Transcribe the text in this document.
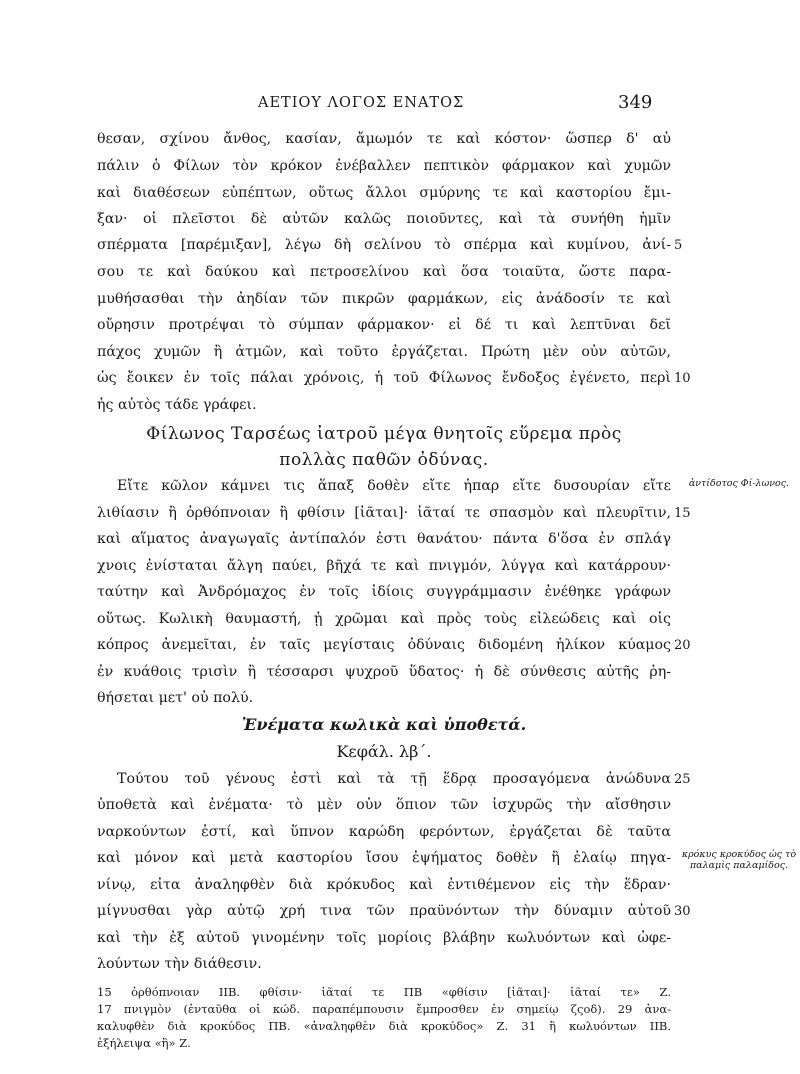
ΑΕΤΙΟΥ ΛΟΓΟΣ ΕΝΑΤΟΣ	349
θεσαν, σχίνου ἄνθος, κασίαν, ἄμωμόν τε καὶ κόστον· ὥσπερ δ' αὖ
πάλιν ὁ Φίλων τὸν κρόκον ἐνέβαλλεν πεπτικὸν φάρμακον καὶ χυμῶν
καὶ διαθέσεων εὐπέπτων, οὕτως ἄλλοι σμύρνης τε καὶ καστορίου ἔμι-
ξαν· οἱ πλεῖστοι δὲ αὐτῶν καλῶς ποιοῦντες, καὶ τὰ συνήθη ἡμῖν
σπέρματα [παρέμιξαν], λέγω δὴ σελίνου τὸ σπέρμα καὶ κυμίνου, ἀνί-
σου τε καὶ δαύκου καὶ πετροσελίνου καὶ ὅσα τοιαῦτα, ὥστε παρα-
μυθήσασθαι τὴν ἀηδίαν τῶν πικρῶν φαρμάκων, εἰς ἀνάδοσίν τε καὶ
οὔρησιν προτρέψαι τὸ σύμπαν φάρμακον· εἰ δέ τι καὶ λεπτῦναι δεῖ
πάχος χυμῶν ἢ ἀτμῶν, καὶ τοῦτο ἐργάζεται. Πρώτη μὲν οὖν αὐτῶν,
ὡς ἔοικεν ἐν τοῖς πάλαι χρόνοις, ἡ τοῦ Φίλωνος ἔνδοξος ἐγένετο, περὶ
ἧς αὐτὸς τάδε γράφει.
Φίλωνος Ταρσέως ἰατροῦ μέγα θνητοῖς εὕρεμα πρὸς
πολλὰς παθῶν ὀδύνας.
Εἴτε κῶλον κάμνει τις ἅπαξ δοθὲν εἴτε ἧπαρ εἴτε δυσουρίαν εἴτε
λιθίασιν ἢ ὀρθόπνοιαν ἢ φθίσιν [ἰᾶται]· ἰᾶταί τε σπασμὸν καὶ πλευρῖτιν,
καὶ αἵματος ἀναγωγαῖς ἀντίπαλόν ἐστι θανάτου· πάντα δ'ὅσα ἐν σπλάγ
χνοις ἐνίσταται ἄλγη παύει, βῆχά τε καὶ πνιγμόν, λύγγα καὶ κατάρρουν·
ταύτην καὶ Ἀνδρόμαχος ἐν τοῖς ἰδίοις συγγράμμασιν ἐνέθηκε γράφων
οὕτως. Κωλικὴ θαυμαστή, ᾗ χρῶμαι καὶ πρὸς τοὺς εἰλεώδεις καὶ οἷς
κόπρος ἀνεμεῖται, ἐν ταῖς μεγίσταις ὀδύναις διδομένη ἡλίκον κύαμος
ἐν κυάθοις τρισὶν ἢ τέσσαρσι ψυχροῦ ὕδατος· ἡ δὲ σύνθεσις αὐτῆς ῥη-
θήσεται μετ' οὐ πολύ.
Ἐνέματα κωλικὰ καὶ ὑποθετά.
Κεφάλ. λβ΄.
Τούτου τοῦ γένους ἐστὶ καὶ τὰ τῇ ἕδρᾳ προσαγόμενα ἀνώδυνα
ὑποθετὰ καὶ ἐνέματα· τὸ μὲν οὖν ὅπιον τῶν ἰσχυρῶς τὴν αἴσθησιν
ναρκούντων ἐστί, καὶ ὕπνον καρώδη φερόντων, ἐργάζεται δὲ ταῦτα
καὶ μόνον καὶ μετὰ καστορίου ἴσου ἐψήματος δοθὲν ἢ ἐλαίῳ πηγα-
νίνῳ, εἶτα ἀναληφθὲν διὰ κρόκυδος καὶ ἐντιθέμενον εἰς τὴν ἕδραν·
μίγνυσθαι γὰρ αὐτῷ χρή τινα τῶν πραϋνόντων τὴν δύναμιν αὐτοῦ
καὶ τὴν ἐξ αὐτοῦ γινομένην τοῖς μορίοις βλάβην κωλυόντων καὶ ὠφε-
λούντων τὴν διάθεσιν.
5
10
15
20
25
30
ἀντίδοτος Φί-λωνος.
κρόκυς κροκύδος ὡς τὸ παλαμὶς παλαμίδος.
15 ὀρθόπνοιαν ΙΙΒ. φθίσιν· ἰᾶταί τε ΠΒ «φθίσιν [ἰᾶται]· ἰᾶταί τε» Ζ.
17 πνιγμὸν (ἐνταῦθα οἱ κώδ. παραπέμπουσιν ἔμπροσθεν ἐν σημείῳ ζςοδ). 29 ἀνα-
καλυφθὲν διὰ κροκύδος ΠΒ. «ἀναληφθὲν διὰ κροκύδος» Ζ. 31 ἢ κωλυόντων ΙΙΒ.
ἐξήλειψα «ἢ» Ζ.
